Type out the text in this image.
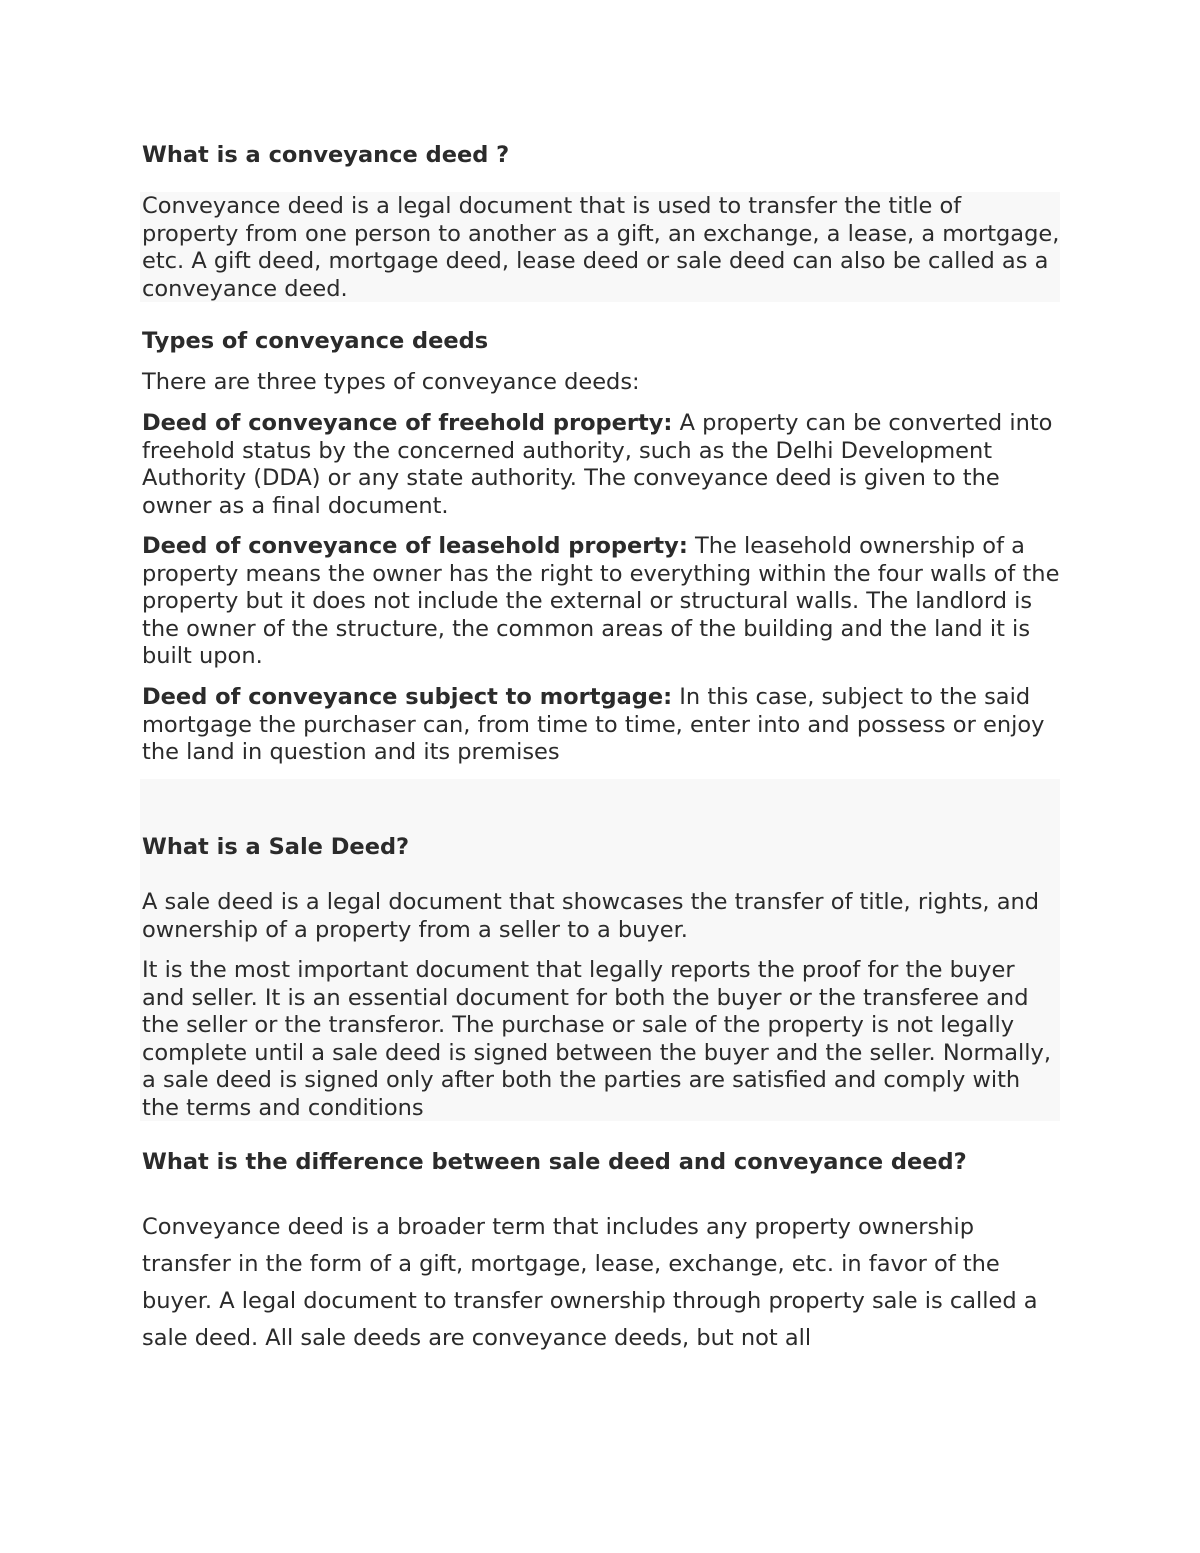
What is a conveyance deed ?

Conveyance deed is a legal document that is used to transfer the title of property from one person to another as a gift, an exchange, a lease, a mortgage, etc. A gift deed, mortgage deed, lease deed or sale deed can also be called as a conveyance deed.

Types of conveyance deeds

There are three types of conveyance deeds:

Deed of conveyance of freehold property: A property can be converted into freehold status by the concerned authority, such as the Delhi Development Authority (DDA) or any state authority. The conveyance deed is given to the owner as a final document.

Deed of conveyance of leasehold property: The leasehold ownership of a property means the owner has the right to everything within the four walls of the property but it does not include the external or structural walls. The landlord is the owner of the structure, the common areas of the building and the land it is built upon.

Deed of conveyance subject to mortgage: In this case, subject to the said mortgage the purchaser can, from time to time, enter into and possess or enjoy the land in question and its premises

What is a Sale Deed?

A sale deed is a legal document that showcases the transfer of title, rights, and ownership of a property from a seller to a buyer.

It is the most important document that legally reports the proof for the buyer and seller. It is an essential document for both the buyer or the transferee and the seller or the transferor. The purchase or sale of the property is not legally complete until a sale deed is signed between the buyer and the seller. Normally, a sale deed is signed only after both the parties are satisfied and comply with the terms and conditions

What is the difference between sale deed and conveyance deed?

Conveyance deed is a broader term that includes any property ownership transfer in the form of a gift, mortgage, lease, exchange, etc. in favor of the buyer. A legal document to transfer ownership through property sale is called a sale deed. All sale deeds are conveyance deeds, but not all
